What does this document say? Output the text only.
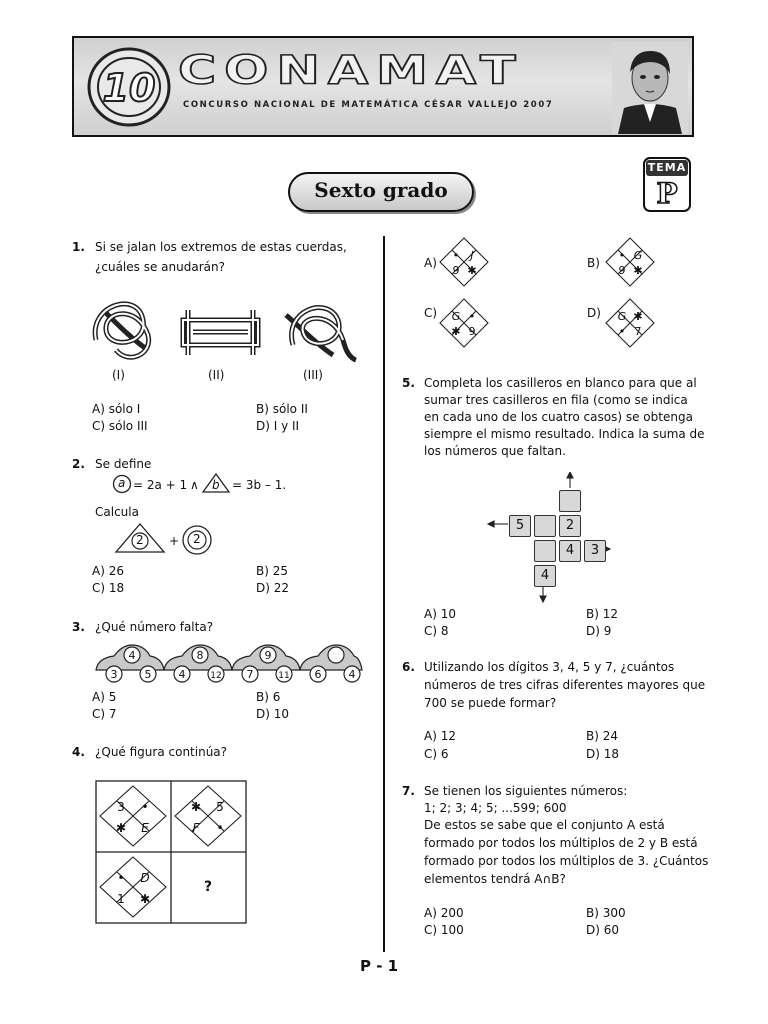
10 CONAMAT
CONCURSO NACIONAL DE MATEMÁTICA CÉSAR VALLEJO 2007
TEMA
P
Sexto grado
1. Si se jalan los extremos de estas cuerdas,
¿cuáles se anudarán?
(I)	(II)	(III)
A) sólo I	B) sólo II
C) sólo III	D) I y II
2. Se define
a = 2a + 1 ∧ b = 3b – 1.
Calcula
2 + 2
A) 26	B) 25
C) 18	D) 22
3. ¿Qué número falta?
4
3 5
8
4	12
9
7	11 6 4
A) 5	B) 6
C) 7	D) 10
4. ¿Qué figura continúa?
3 •
✱ E
✱ 5
F •
• D
1 ✱
?
A)
• J
9 ✱
B)
• G
9 ✱
C) G •
✱ 9
D) G ✱
• 7
5. Completa los casilleros en blanco para que al
sumar tres casilleros en fila (como se indica
en cada uno de los cuatro casos) se obtenga
siempre el mismo resultado. Indica la suma de
los números que faltan.
5	2
4	3
4
A) 10	B) 12
C) 8	D) 9
6. Utilizando los dígitos 3, 4, 5 y 7, ¿cuántos
números de tres cifras diferentes mayores que
700 se puede formar?
A) 12	B) 24
C) 6	D) 18
7. Se tienen los siguientes números:
1; 2; 3; 4; 5; ...599; 600
De estos se sabe que el conjunto A está
formado por todos los múltiplos de 2 y B está
formado por todos los múltiplos de 3. ¿Cuántos
elementos tendrá A∩B?
A) 200	B) 300
C) 100	D) 60
P - 1
